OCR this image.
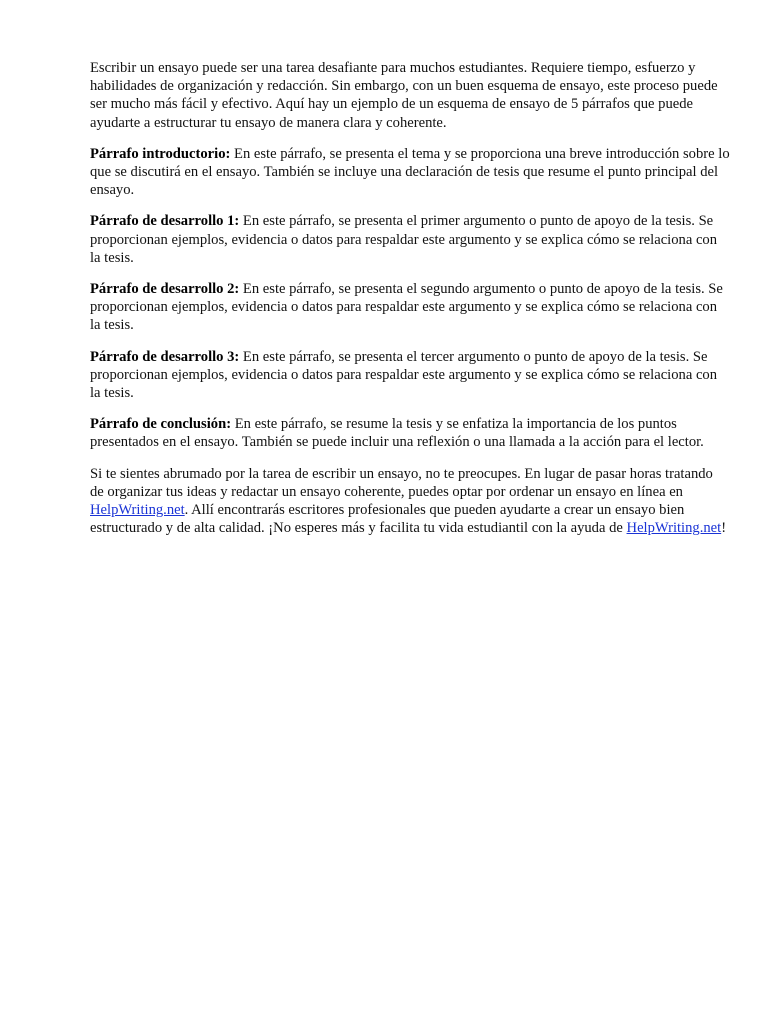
Escribir un ensayo puede ser una tarea desafiante para muchos estudiantes. Requiere tiempo, esfuerzo y habilidades de organización y redacción. Sin embargo, con un buen esquema de ensayo, este proceso puede ser mucho más fácil y efectivo. Aquí hay un ejemplo de un esquema de ensayo de 5 párrafos que puede ayudarte a estructurar tu ensayo de manera clara y coherente.

Párrafo introductorio: En este párrafo, se presenta el tema y se proporciona una breve introducción sobre lo que se discutirá en el ensayo. También se incluye una declaración de tesis que resume el punto principal del ensayo.

Párrafo de desarrollo 1: En este párrafo, se presenta el primer argumento o punto de apoyo de la tesis. Se proporcionan ejemplos, evidencia o datos para respaldar este argumento y se explica cómo se relaciona con la tesis.

Párrafo de desarrollo 2: En este párrafo, se presenta el segundo argumento o punto de apoyo de la tesis. Se proporcionan ejemplos, evidencia o datos para respaldar este argumento y se explica cómo se relaciona con la tesis.

Párrafo de desarrollo 3: En este párrafo, se presenta el tercer argumento o punto de apoyo de la tesis. Se proporcionan ejemplos, evidencia o datos para respaldar este argumento y se explica cómo se relaciona con la tesis.

Párrafo de conclusión: En este párrafo, se resume la tesis y se enfatiza la importancia de los puntos presentados en el ensayo. También se puede incluir una reflexión o una llamada a la acción para el lector.

Si te sientes abrumado por la tarea de escribir un ensayo, no te preocupes. En lugar de pasar horas tratando de organizar tus ideas y redactar un ensayo coherente, puedes optar por ordenar un ensayo en línea en HelpWriting.net. Allí encontrarás escritores profesionales que pueden ayudarte a crear un ensayo bien estructurado y de alta calidad. ¡No esperes más y facilita tu vida estudiantil con la ayuda de HelpWriting.net!
